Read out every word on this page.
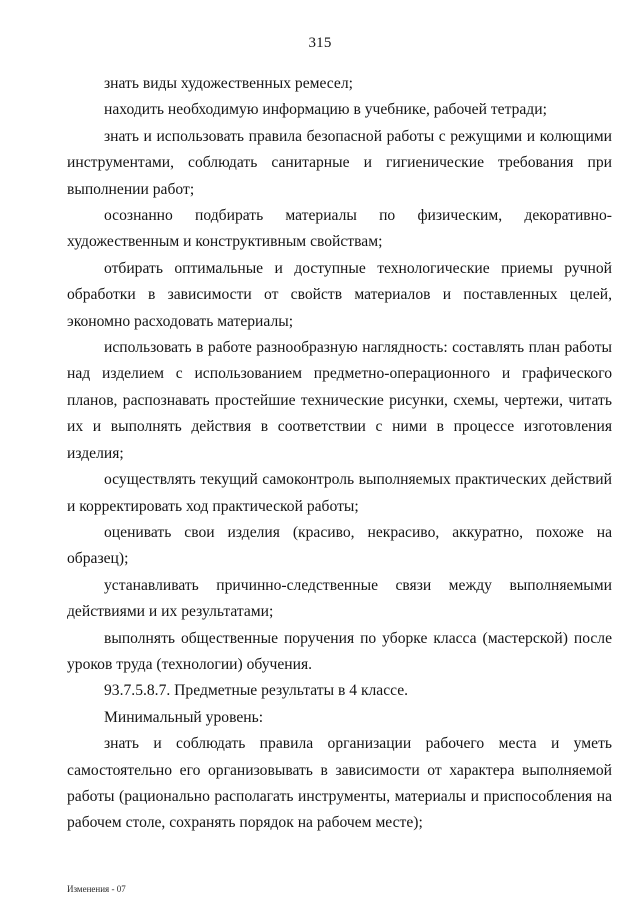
315

знать виды художественных ремесел;

находить необходимую информацию в учебнике, рабочей тетради;

знать и использовать правила безопасной работы с режущими и колющими инструментами, соблюдать санитарные и гигиенические требования при выполнении работ;

осознанно подбирать материалы по физическим, декоративно-художественным и конструктивным свойствам;

отбирать оптимальные и доступные технологические приемы ручной обработки в зависимости от свойств материалов и поставленных целей, экономно расходовать материалы;

использовать в работе разнообразную наглядность: составлять план работы над изделием с использованием предметно-операционного и графического планов, распознавать простейшие технические рисунки, схемы, чертежи, читать их и выполнять действия в соответствии с ними в процессе изготовления изделия;

осуществлять текущий самоконтроль выполняемых практических действий и корректировать ход практической работы;

оценивать свои изделия (красиво, некрасиво, аккуратно, похоже на образец);

устанавливать причинно-следственные связи между выполняемыми действиями и их результатами;

выполнять общественные поручения по уборке класса (мастерской) после уроков труда (технологии) обучения.

93.7.5.8.7. Предметные результаты в 4 классе.

Минимальный уровень:

знать и соблюдать правила организации рабочего места и уметь самостоятельно его организовывать в зависимости от характера выполняемой работы (рационально располагать инструменты, материалы и приспособления на рабочем столе, сохранять порядок на рабочем месте);

Изменения - 07
